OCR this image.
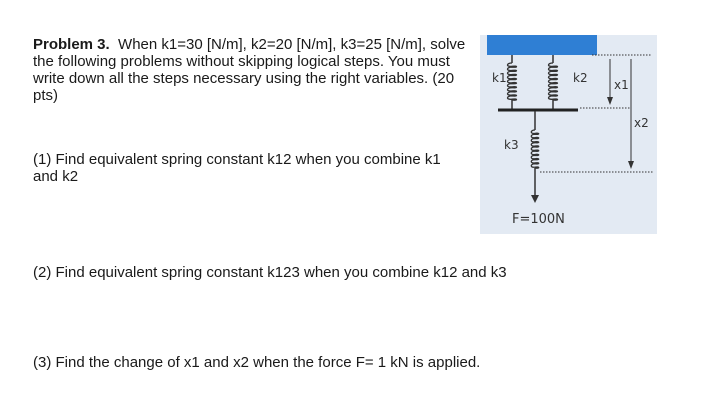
Problem 3. When k1=30 [N/m], k2=20 [N/m], k3=25 [N/m], solve the following problems without skipping logical steps. You must write down all the steps necessary using the right variables. (20 pts)
(1) Find equivalent spring constant k12 when you combine k1 and k2
(2) Find equivalent spring constant k123 when you combine k12 and k3
(3) Find the change of x1 and x2 when the force F= 1 kN is applied.
k1	k2
k3
x1
x2
F=100N
